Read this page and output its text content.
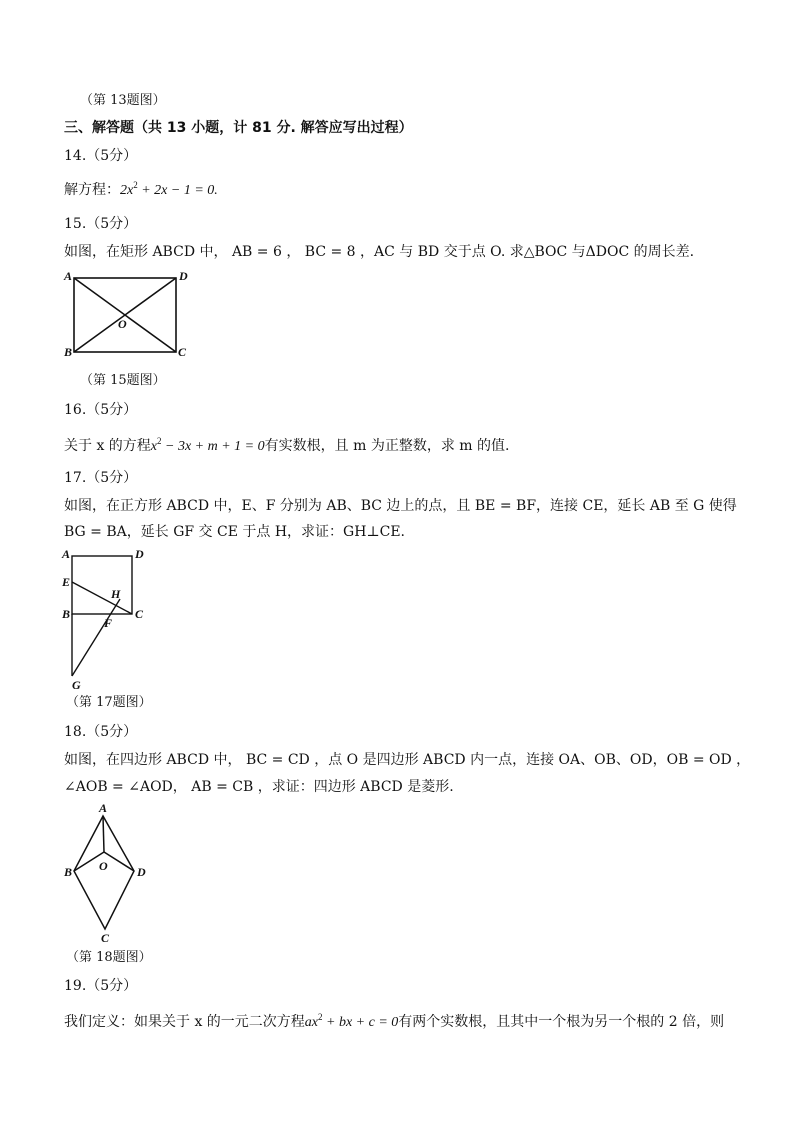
（第 13题图）
三、解答题（共 13 小题，计 81 分. 解答应写出过程）
14.（5分）
解方程：$2x^2 + 2x - 1 = 0$.
15.（5分）
如图，在矩形 ABCD 中， AB = 6 ， BC = 8 ，AC 与 BD 交于点 O. 求△BOC 与ΔDOC 的周长差.
A	D
B	C
O
（第 15题图）
16.（5分）
关于 x 的方程$x^2 - 3x + m + 1 = 0$有实数根，且 m 为正整数，求 m 的值.
17.（5分）
如图，在正方形 ABCD 中，E、F 分别为 AB、BC 边上的点，且 BE = BF，连接 CE，延长 AB 至 G 使得
BG = BA，延长 GF 交 CE 于点 H，求证：GH⊥CE.
A	D
E
H
B	C
F
G
（第 17题图）
18.（5分）
如图，在四边形 ABCD 中， BC = CD ，点 O 是四边形 ABCD 内一点，连接 OA、OB、OD，OB = OD ，
∠AOB = ∠AOD， AB = CB ，求证：四边形 ABCD 是菱形.
A
B O D
C
（第 18题图）
19.（5分）
我们定义：如果关于 x 的一元二次方程$ax^2$ + bx + c = 0有两个实数根，且其中一个根为另一个根的 2 倍，则
